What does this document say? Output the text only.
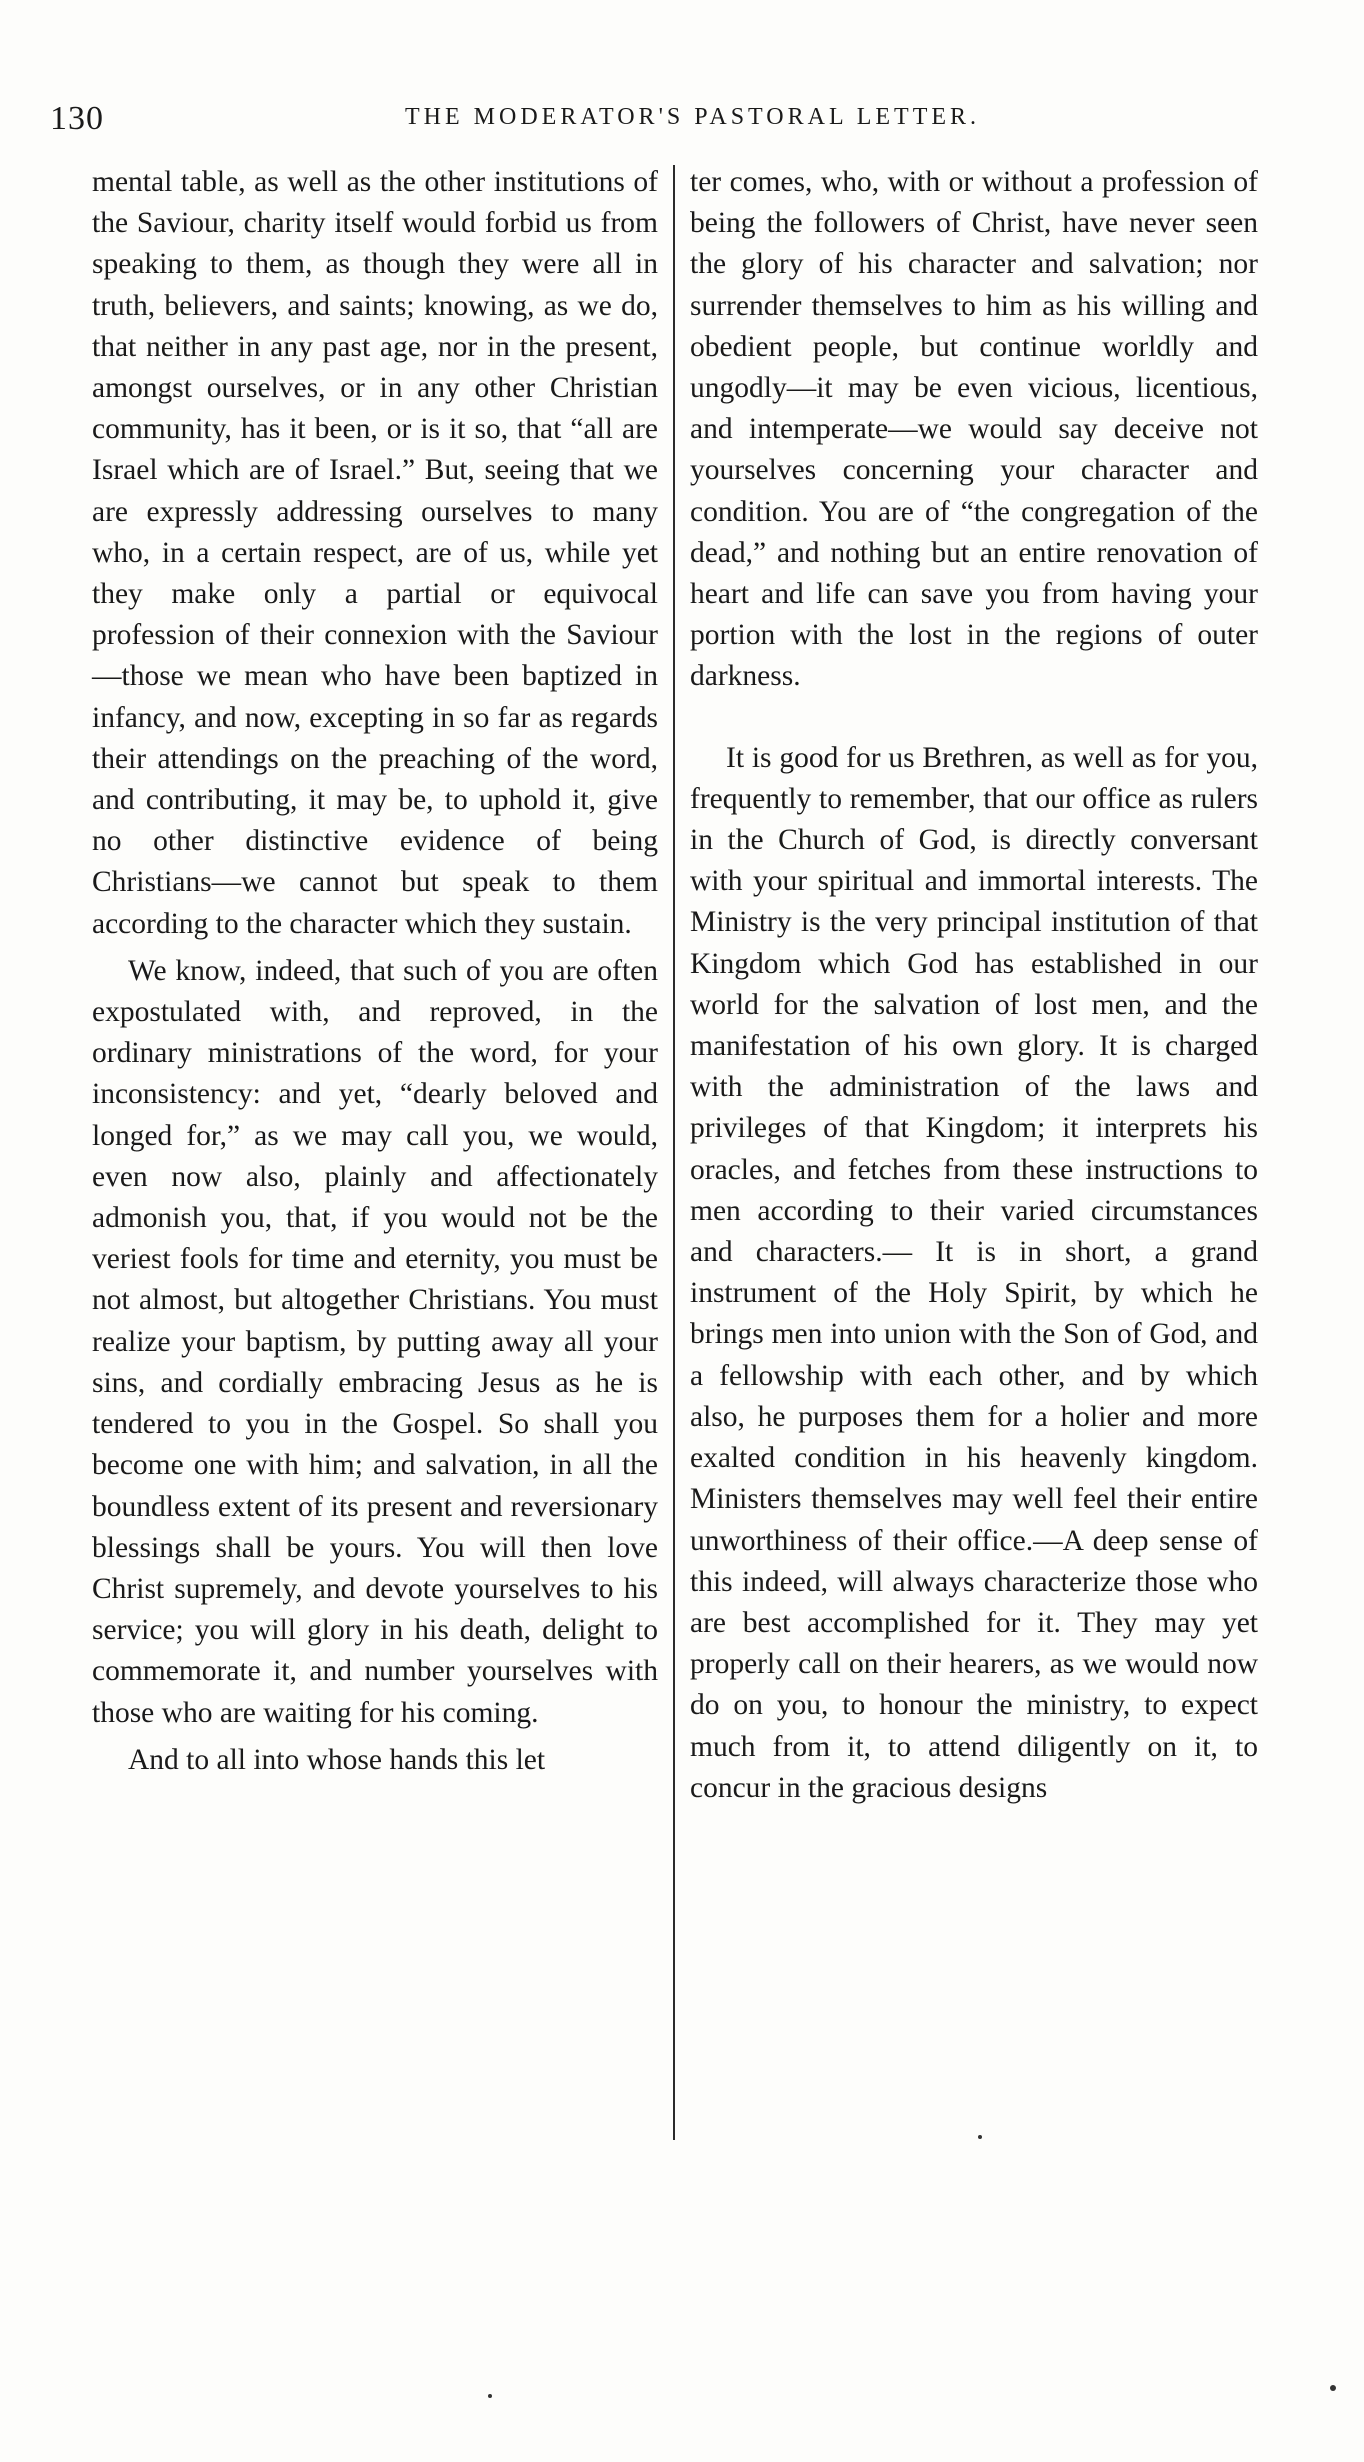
130	THE MODERATOR'S PASTORAL LETTER.

mental table, as well as the other institutions of the Saviour, charity itself would forbid us from speaking to them, as though they were all in truth, believers, and saints; knowing, as we do, that neither in any past age, nor in the present, amongst ourselves, or in any other Christian community, has it been, or is it so, that “all are Israel which are of Israel.” But, seeing that we are expressly addressing ourselves to many who, in a certain respect, are of us, while yet they make only a partial or equivocal profession of their connexion with the Saviour—those we mean who have been baptized in infancy, and now, excepting in so far as regards their attendings on the preaching of the word, and contributing, it may be, to uphold it, give no other distinctive evidence of being Christians—we cannot but speak to them according to the character which they sustain.

We know, indeed, that such of you are often expostulated with, and reproved, in the ordinary ministrations of the word, for your inconsistency: and yet, “dearly beloved and longed for,” as we may call you, we would, even now also, plainly and affectionately admonish you, that, if you would not be the veriest fools for time and eternity, you must be not almost, but altogether Christians. You must realize your baptism, by putting away all your sins, and cordially embracing Jesus as he is tendered to you in the Gospel. So shall you become one with him; and salvation, in all the boundless extent of its present and reversionary blessings shall be yours. You will then love Christ supremely, and devote yourselves to his service; you will glory in his death, delight to commemorate it, and number yourselves with those who are waiting for his coming.

And to all into whose hands this let

ter comes, who, with or without a profession of being the followers of Christ, have never seen the glory of his character and salvation; nor surrender themselves to him as his willing and obedient people, but continue worldly and ungodly—it may be even vicious, licentious, and intemperate—we would say deceive not yourselves concerning your character and condition. You are of “the congregation of the dead,” and nothing but an entire renovation of heart and life can save you from having your portion with the lost in the regions of outer darkness.

It is good for us Brethren, as well as for you, frequently to remember, that our office as rulers in the Church of God, is directly conversant with your spiritual and immortal interests. The Ministry is the very principal institution of that Kingdom which God has established in our world for the salvation of lost men, and the manifestation of his own glory. It is charged with the administration of the laws and privileges of that Kingdom; it interprets his oracles, and fetches from these instructions to men according to their varied circumstances and characters.— It is in short, a grand instrument of the Holy Spirit, by which he brings men into union with the Son of God, and a fellowship with each other, and by which also, he purposes them for a holier and more exalted condition in his heavenly kingdom. Ministers themselves may well feel their entire unworthiness of their office.—A deep sense of this indeed, will always characterize those who are best accomplished for it. They may yet properly call on their hearers, as we would now do on you, to honour the ministry, to expect much from it, to attend diligently on it, to concur in the gracious designs
